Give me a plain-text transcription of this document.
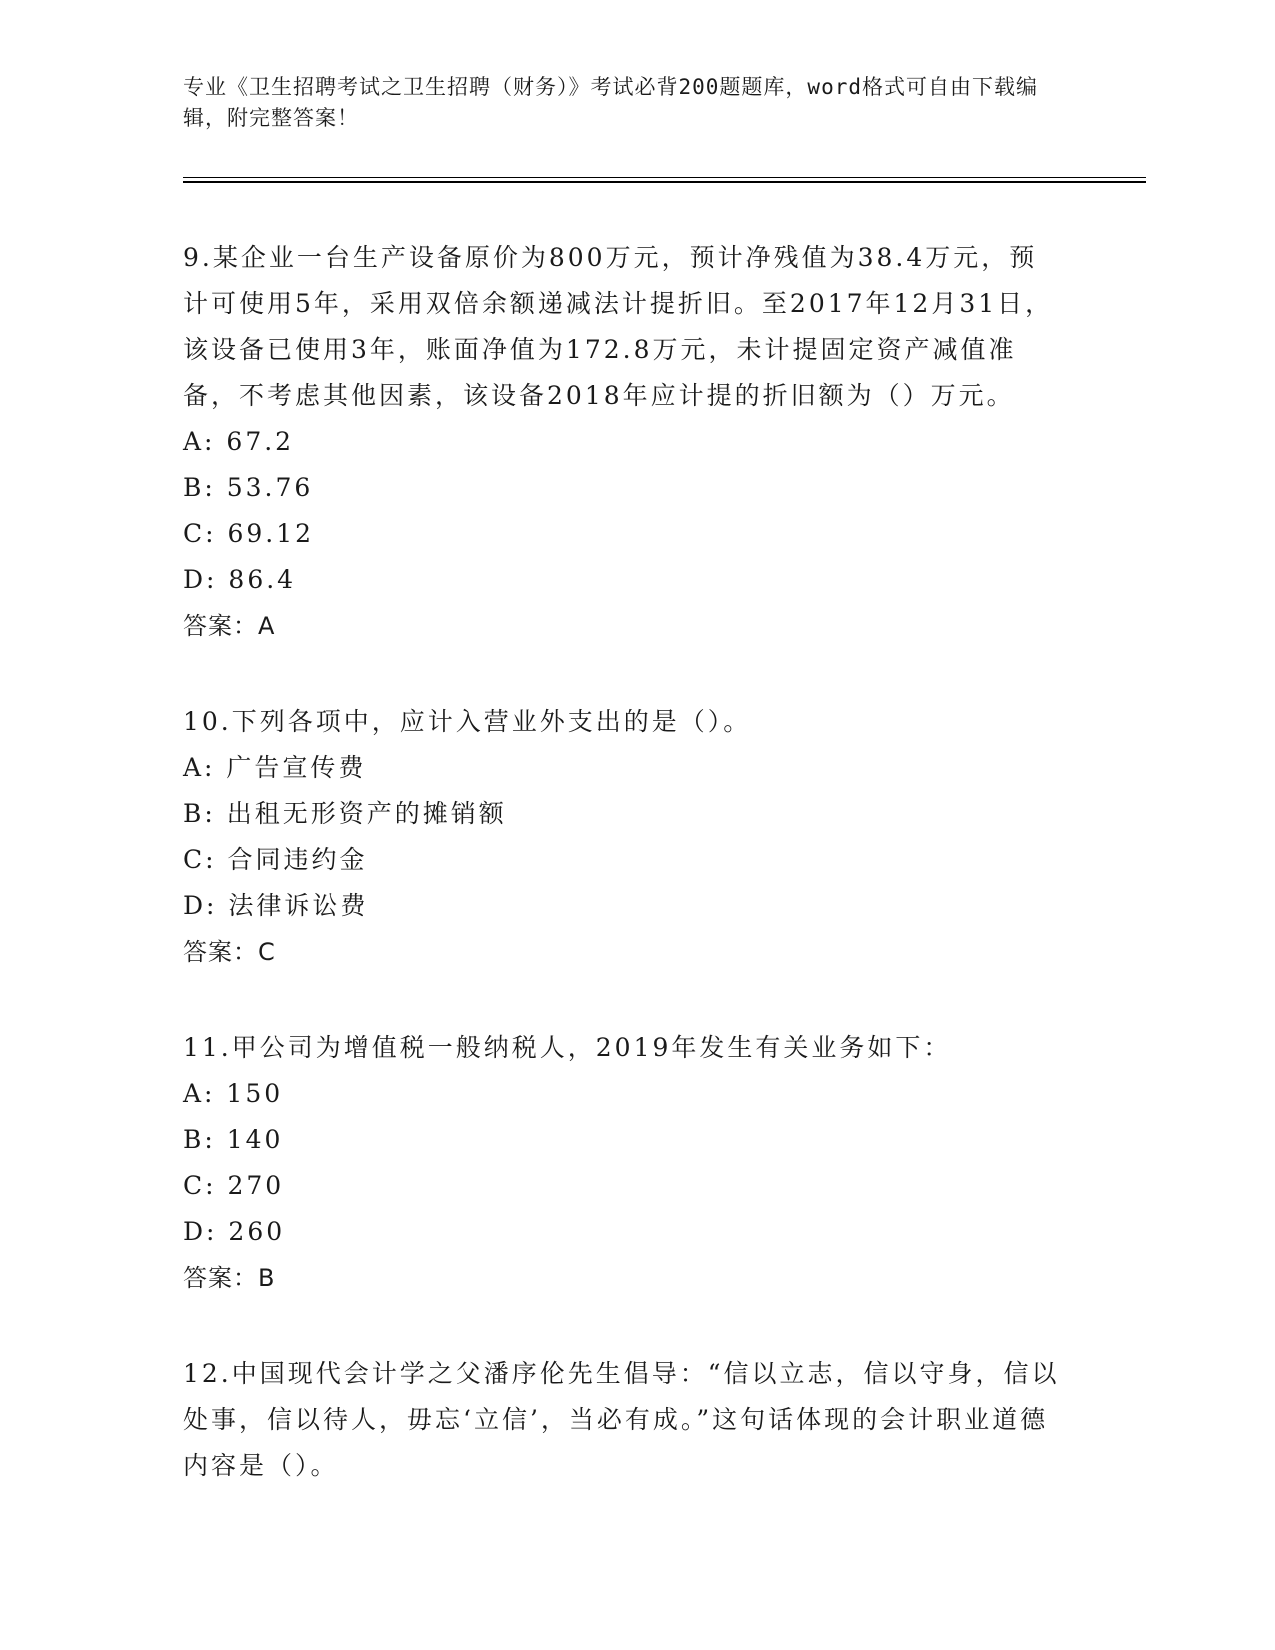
专业《卫生招聘考试之卫生招聘（财务）》考试必背200题题库，word格式可自由下载编辑，附完整答案！
9.某企业一台生产设备原价为800万元，预计净残值为38.4万元，预计可使用5年，采用双倍余额递减法计提折旧。至2017年12月31日，该设备已使用3年，账面净值为172.8万元，未计提固定资产减值准备，不考虑其他因素，该设备2018年应计提的折旧额为（）万元。
A: 67.2
B: 53.76
C: 69.12
D: 86.4
答案：A
10.下列各项中，应计入营业外支出的是（）。
A: 广告宣传费
B: 出租无形资产的摊销额
C: 合同违约金
D: 法律诉讼费
答案：C
11.甲公司为增值税一般纳税人，2019年发生有关业务如下：
A: 150
B: 140
C: 270
D: 260
答案：B
12.中国现代会计学之父潘序伦先生倡导：“信以立志，信以守身，信以处事，信以待人，毋忘‘立信’，当必有成。”这句话体现的会计职业道德内容是（）。
